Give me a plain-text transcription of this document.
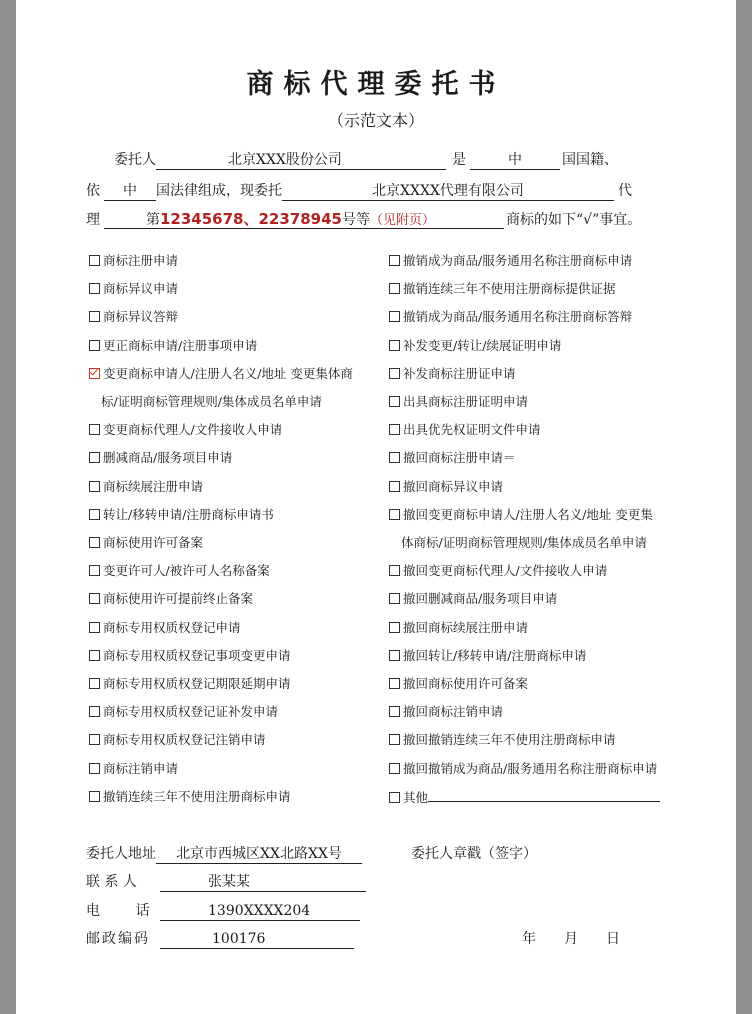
商标代理委托书
（示范文本）
委托人	北京XXX股份公司	是	中	国国籍、
依 中 国法律组成，现委托	北京XXXX代理有限公司	代
理	第12345678、22378945号等（见附页）	商标的如下“√”事宜。
商标注册申请
商标异议申请
商标异议答辩
更正商标申请/注册事项申请
变更商标申请人/注册人名义/地址 变更集体商
标/证明商标管理规则/集体成员名单申请
变更商标代理人/文件接收人申请
删减商品/服务项目申请
商标续展注册申请
转让/移转申请/注册商标申请书
商标使用许可备案
变更许可人/被许可人名称备案
商标使用许可提前终止备案
商标专用权质权登记申请
商标专用权质权登记事项变更申请
商标专用权质权登记期限延期申请
商标专用权质权登记证补发申请
商标专用权质权登记注销申请
商标注销申请
撤销连续三年不使用注册商标申请
撤销成为商品/服务通用名称注册商标申请
撤销连续三年不使用注册商标提供证据
撤销成为商品/服务通用名称注册商标答辩
补发变更/转让/续展证明申请
补发商标注册证申请
出具商标注册证明申请
出具优先权证明文件申请
撤回商标注册申请＝
撤回商标异议申请
撤回变更商标申请人/注册人名义/地址 变更集
体商标/证明商标管理规则/集体成员名单申请
撤回变更商标代理人/文件接收人申请
撤回删减商品/服务项目申请
撤回商标续展注册申请
撤回转让/移转申请/注册商标申请
撤回商标使用许可备案
撤回商标注销申请
撤回撤销连续三年不使用注册商标申请
撤回撤销成为商品/服务通用名称注册商标申请
其他
委托人地址 北京市西城区XX北路XX号	委托人章戳（签字）
联 系 人	张某某
电        话	1390XXXX204
邮政编码	100176	年 月 日
